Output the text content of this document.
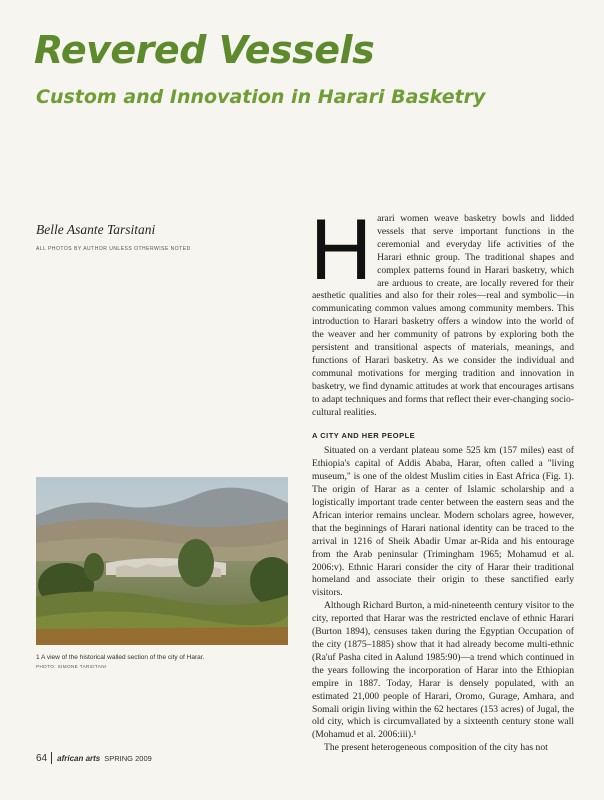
Revered Vessels
Custom and Innovation in Harari Basketry
Belle Asante Tarsitani
ALL PHOTOS BY AUTHOR UNLESS OTHERWISE NOTED Harari women weave basketry bowls and lidded vessels that serve important functions in the ceremonial and everyday life activities of the Harari ethnic group. The traditional shapes and complex patterns found in Harari basketry, which are arduous to create, are locally revered for their aesthetic qualities and also for their roles—real and symbolic—in communicating common values among community members. This introduction to Harari basketry offers a window into the world of the weaver and her community of patrons by exploring both the persistent and transitional aspects of materials, meanings, and functions of Harari basketry. As we consider the individual and communal motivations for merging tradition and innovation in basketry, we find dynamic attitudes at work that encourages artisans to adapt techniques and forms that reflect their ever-changing socio-cultural realities.

A CITY AND HER PEOPLE

Situated on a verdant plateau some 525 km (157 miles) east of Ethiopia's capital of Addis Ababa, Harar, often called a "living museum," is one of the oldest Muslim cities in East Africa (Fig. 1). The origin of Harar as a center of Islamic scholarship and a logistically important trade center between the eastern seas and the African interior remains unclear. Modern scholars agree, however, that the beginnings of Harari national identity can be traced to the arrival in 1216 of Sheik Abadir Umar ar-Rida and his entourage from the Arab peninsular (Trimingham 1965; Mohamud et al. 2006:v). Ethnic Harari consider the city of Harar their traditional homeland and associate their origin to these sanctified early visitors.

Although Richard Burton, a mid-nineteenth century visitor to the city, reported that Harar was the restricted enclave of ethnic Harari (Burton 1894), censuses taken during the Egyptian Occupation of the city (1875–1885) show that it had already become multi-ethnic (Ra'uf Pasha cited in Aalund 1985:90)—a trend which continued in the years following the incorporation of Harar into the Ethiopian empire in 1887. Today, Harar is densely populated, with an estimated 21,000 people of Harari, Oromo, Gurage, Amhara, and Somali origin living within the 62 hectares (153 acres) of Jugal, the old city, which is circumvallated by a sixteenth century stone wall (Mohamud et al. 2006:iii).¹

The present heterogeneous composition of the city has not

1 A view of the historical walled section of the city of Harar.
PHOTO: SIMONE TARSITANI
64 african arts SPRING 2009
